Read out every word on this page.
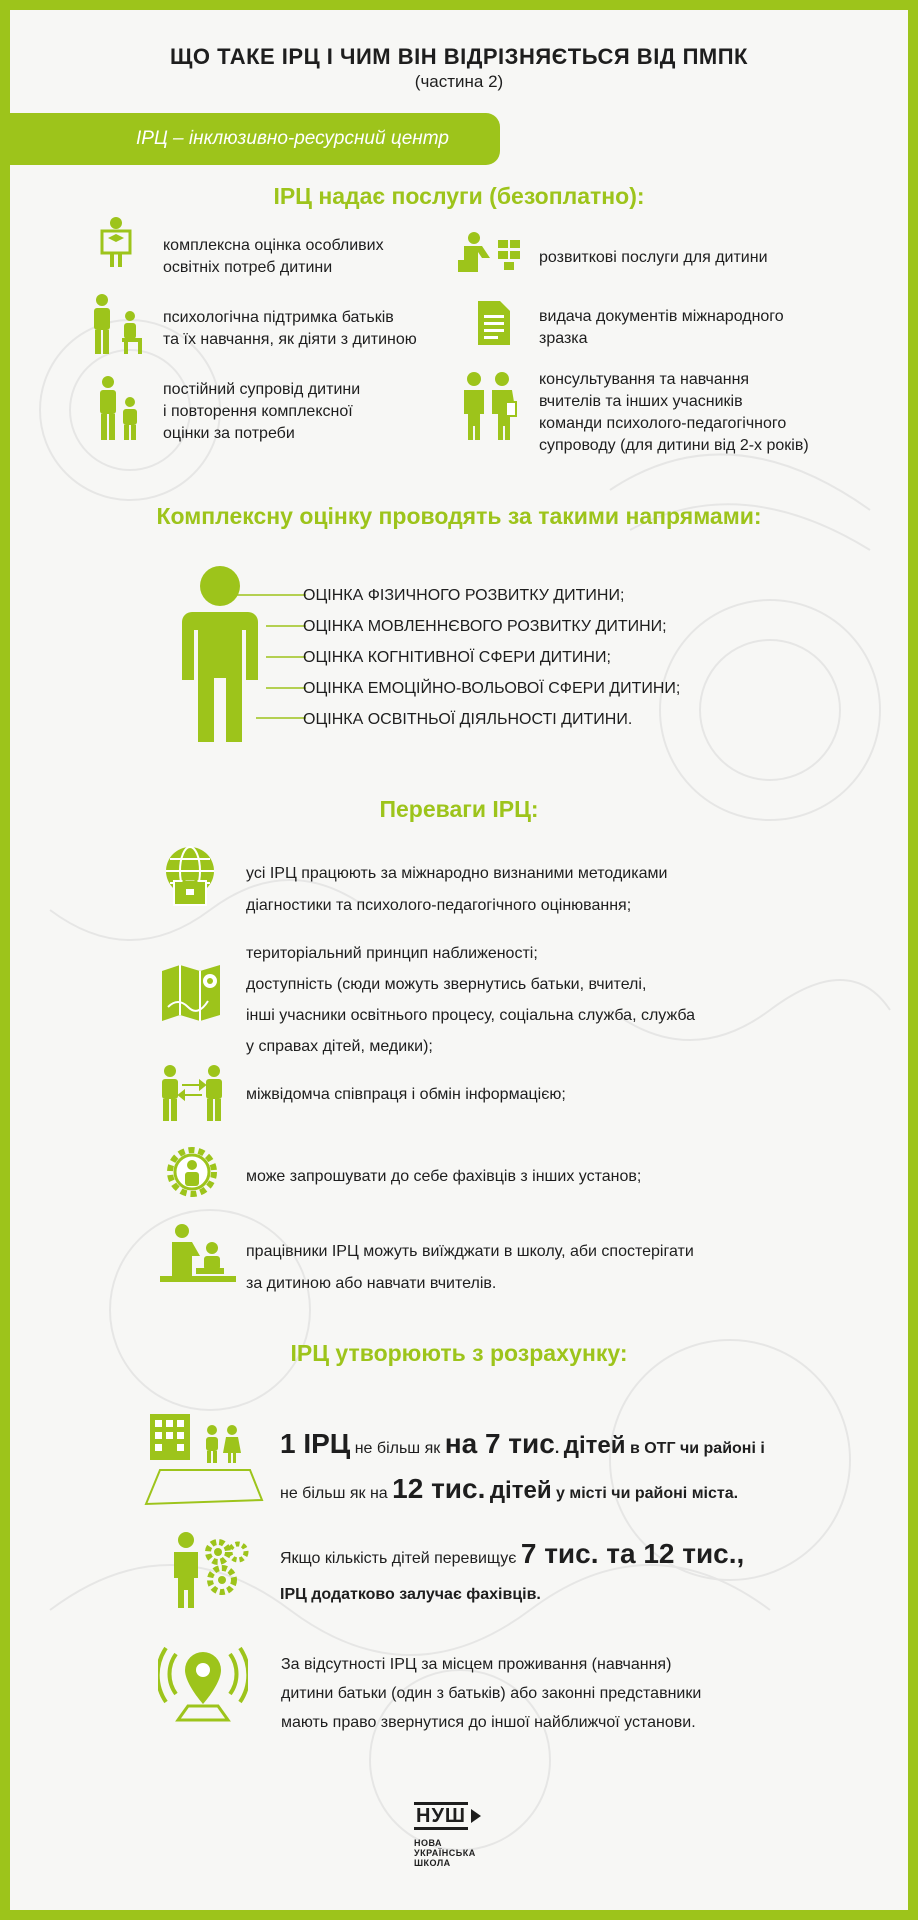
ЩО ТАКЕ ІРЦ І ЧИМ ВІН ВІДРІЗНЯЄТЬСЯ ВІД ПМПК
(частина 2)
ІРЦ – інклюзивно-ресурсний центр
ІРЦ надає послуги (безоплатно):
комплексна оцінка особливих
освітніх потреб дитини
психологічна підтримка батьків
та їх навчання, як діяти з дитиною
постійний супровід дитини
і повторення комплексної
оцінки за потреби
розвиткові послуги для дитини
видача документів міжнародного
зразка
консультування та навчання
вчителів та інших учасників
команди психолого-педагогічного
супроводу (для дитини від 2-х років)
Комплексну оцінку проводять за такими напрямами:
ОЦІНКА ФІЗИЧНОГО РОЗВИТКУ ДИТИНИ;
ОЦІНКА МОВЛЕННЄВОГО РОЗВИТКУ ДИТИНИ;
ОЦІНКА КОГНІТИВНОЇ СФЕРИ ДИТИНИ;
ОЦІНКА ЕМОЦІЙНО-ВОЛЬОВОЇ СФЕРИ ДИТИНИ;
ОЦІНКА ОСВІТНЬОЇ ДІЯЛЬНОСТІ ДИТИНИ.
Переваги ІРЦ:
усі ІРЦ працюють за міжнародно визнаними методиками
діагностики та психолого-педагогічного оцінювання;
територіальний принцип наближеності;
доступність (сюди можуть звернутись батьки, вчителі,
інші учасники освітнього процесу, соціальна служба, служба
у справах дітей, медики);
міжвідомча співпраця і обмін інформацією;
може запрошувати до себе фахівців з інших установ;
працівники ІРЦ можуть виїжджати в школу, аби спостерігати
за дитиною або навчати вчителів.
ІРЦ утворюють з розрахунку:
1 ІРЦ не більш як на 7 тис. дітей в ОТГ чи районі і
не більш як на 12 тис. дітей у місті чи районі міста.
Якщо кількість дітей перевищує 7 тис. та 12 тис.,
ІРЦ додатково залучає фахівців.
За відсутності ІРЦ за місцем проживання (навчання)
дитини батьки (один з батьків) або законні представники
мають право звернутися до іншої найближчої установи.
НУШ
НОВА
УКРАЇНСЬКА
ШКОЛА
